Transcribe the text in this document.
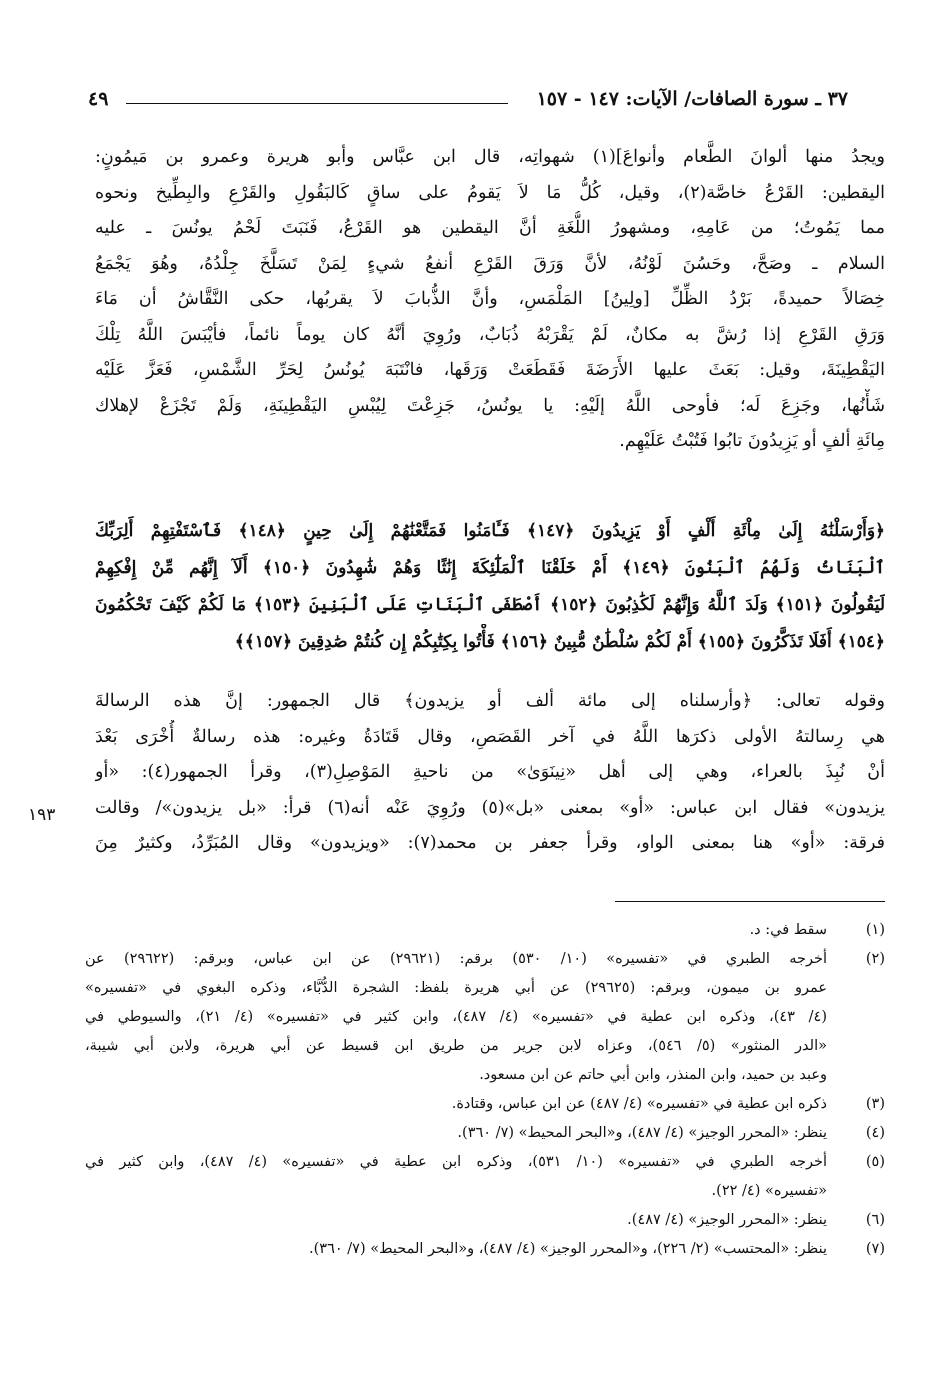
٣٧ ـ سورة الصافات/ الآيات: ١٤٧ - ١٥٧
٤٩
ويجدُ منها ألوانَ الطَّعام وأنواعَ](١) شهواتِه، قال ابن عبَّاس وأبو هريرة وعمرو بن مَيمُونٍ:
اليقطين: القَرْعُ خاصَّة(٢)، وقيل، كُلُّ مَا لاَ يَقومُ على ساقٍ كَالبَقُولِ والقَرْعِ والبِطِّيخ ونحوه
مما يَمُوتُ؛ من عَامِهِ، ومشهورُ اللُّغَةِ أنَّ اليقطين هو القَرْعُ، فَنَبَتَ لَحْمُ يونُسَ ـ عليه
السلام ـ وصَحَّ، وحَسُنَ لَوْنُهُ، لأنَّ وَرَقَ القَرْعِ أنفعُ شيءٍ لِمَنْ تَسَلَّخَ جِلْدُهُ، وهُوَ يَجْمَعُ
خِصَالاً حميدةً، بَرْدُ الظِّلِّ [ولِينُ] المَلْمَسِ، وأنَّ الذُّبابَ لاَ يقربُها، حكى النَّقَّاشُ أن مَاءَ
وَرَقِ القَرْعِ إذا رُشَّ به مكانٌ، لَمْ يَقْرَبْهُ ذُبَابٌ، ورُوِيَ أنَّهُ كان يوماً نائماً، فأيْبَسَ اللَّهُ تِلْكَ
اليَقْطِينَةَ، وقيل: بَعَثَ عليها الأَرَضَةَ فَقَطَعَتْ وَرَقَها، فانْتَبَهَ يُونُسُ لِحَرِّ الشَّمْسِ، فَعَزَّ عَلَيْه
شَأْنُها، وجَزِعَ لَه؛ فأوحى اللَّهُ إلَيْهِ: يا يونُسُ، جَزِعْتَ لِيُبْسِ اليَقْطِينَةِ، وَلَمْ تَجْزَعْ لإهلاك
مِائَةِ ألفٍ أو يَزِيدُونَ تابُوا فَتُبْتُ عَلَيْهِم.
﴿وَأَرْسَلْنَٰهُ إِلَىٰ مِاْئَةِ أَلْفٍ أَوْ يَزِيدُونَ ﴿١٤٧﴾ فَـَٔامَنُوا فَمَتَّعْنَٰهُمْ إِلَىٰ حِينٍ ﴿١٤٨﴾ فَٱسْتَفْتِهِمْ أَلِرَبِّكَ
ٱلْبَنَاتُ وَلَهُمُ ٱلْبَنُونَ ﴿١٤٩﴾ أَمْ خَلَقْنَا ٱلْمَلَٰٓئِكَةَ إِنَٰثًا وَهُمْ شَٰهِدُونَ ﴿١٥٠﴾ أَلَآ إِنَّهُم مِّنْ إِفْكِهِمْ
لَيَقُولُونَ ﴿١٥١﴾ وَلَدَ ٱللَّهُ وَإِنَّهُمْ لَكَٰذِبُونَ ﴿١٥٢﴾ أَصْطَفَى ٱلْبَنَاتِ عَلَى ٱلْبَنِينَ ﴿١٥٣﴾ مَا لَكُمْ كَيْفَ تَحْكُمُونَ
﴿١٥٤﴾ أَفَلَا تَذَكَّرُونَ ﴿١٥٥﴾ أَمْ لَكُمْ سُلْطَٰنٌ مُّبِينٌ ﴿١٥٦﴾ فَأْتُوا بِكِتَٰبِكُمْ إِن كُنتُمْ صَٰدِقِينَ ﴿١٥٧﴾﴾
وقوله تعالى: ﴿وأرسلناه إلى مائة ألف أو يزيدون﴾ قال الجمهور: إنَّ هذه الرسالةَ
هي رِسالتهُ الأولى ذكرَها اللَّهُ في آخر القَصَصِ، وقال قَتَادَةُ وغيره: هذه رسالةٌ أُخْرَى بَعْدَ
أنْ نُبِذَ بالعراء، وهي إلى أهل «نِينَوَىٰ» من ناحيةِ المَوْصِلِ(٣)، وقرأ الجمهور(٤): «أو
يزيدون» فقال ابن عباس: «أو» بمعنى «بل»(٥) ورُوِيَ عَنْه أنه(٦) قرأ: «بل يزيدون»/ وقالت
فرقة: «أو» هنا بمعنى الواو، وقرأ جعفر بن محمد(٧): «ويزيدون» وقال المُبَرِّدُ، وكثيرٌ مِنَ
١٩٣
(١)
سقط في: د.
(٢)
أخرجه الطبري في «تفسيره» (١٠/ ٥٣٠) برقم: (٢٩٦٢١) عن ابن عباس، وبرقم: (٢٩٦٢٢) عن
عمرو بن ميمون، وبرقم: (٢٩٦٢٥) عن أبي هريرة بلفظ: الشجرة الدُّبَّاء، وذكره البغوي في «تفسيره»
(٤/ ٤٣)، وذكره ابن عطية في «تفسيره» (٤/ ٤٨٧)، وابن كثير في «تفسيره» (٤/ ٢١)، والسيوطي في
«الدر المنثور» (٥/ ٥٤٦)، وعزاه لابن جرير من طريق ابن قسيط عن أبي هريرة، ولابن أبي شيبة،
وعبد بن حميد، وابن المنذر، وابن أبي حاتم عن ابن مسعود.
(٣)
ذكره ابن عطية في «تفسيره» (٤/ ٤٨٧) عن ابن عباس، وقتادة.
(٤)
ينظر: «المحرر الوجيز» (٤/ ٤٨٧)، و«البحر المحيط» (٧/ ٣٦٠).
(٥)
أخرجه الطبري في «تفسيره» (١٠/ ٥٣١)، وذكره ابن عطية في «تفسيره» (٤/ ٤٨٧)، وابن كثير في
«تفسيره» (٤/ ٢٢).
(٦)
ينظر: «المحرر الوجيز» (٤/ ٤٨٧).
(٧)
ينظر: «المحتسب» (٢/ ٢٢٦)، و«المحرر الوجيز» (٤/ ٤٨٧)، و«البحر المحيط» (٧/ ٣٦٠).
